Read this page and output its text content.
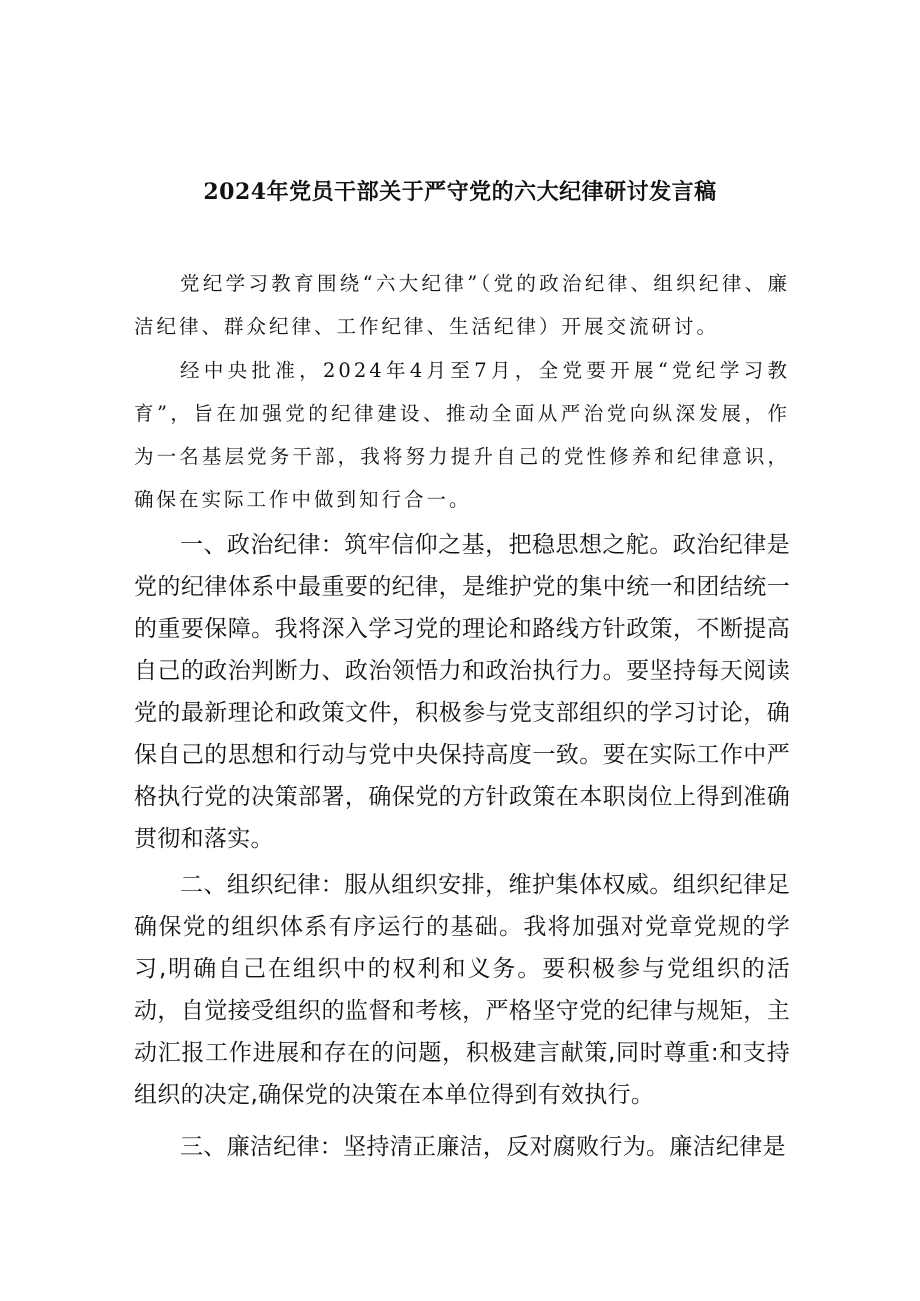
2024年党员干部关于严守党的六大纪律研讨发言稿

党纪学习教育围绕“六大纪律”（党的政治纪律、组织纪律、廉洁纪律、群众纪律、工作纪律、生活纪律）开展交流研讨。

经中央批准，2024年4月至7月，全党要开展“党纪学习教育”，旨在加强党的纪律建设、推动全面从严治党向纵深发展，作为一名基层党务干部，我将努力提升自己的党性修养和纪律意识，确保在实际工作中做到知行合一。

一、政治纪律：筑牢信仰之基，把稳思想之舵。政治纪律是党的纪律体系中最重要的纪律，是维护党的集中统一和团结统一的重要保障。我将深入学习党的理论和路线方针政策，不断提高自己的政治判断力、政治领悟力和政治执行力。要坚持每天阅读党的最新理论和政策文件，积极参与党支部组织的学习讨论，确保自己的思想和行动与党中央保持高度一致。要在实际工作中严格执行党的决策部署，确保党的方针政策在本职岗位上得到准确贯彻和落实。

二、组织纪律：服从组织安排，维护集体权威。组织纪律足确保党的组织体系有序运行的基础。我将加强对党章党规的学习,明确自己在组织中的权利和义务。要积极参与党组织的活动，自觉接受组织的监督和考核，严格坚守党的纪律与规矩，主动汇报工作进展和存在的问题，积极建言献策,同时尊重:和支持组织的决定,确保党的决策在本单位得到有效执行。

三、廉洁纪律：坚持清正廉洁，反对腐败行为。廉洁纪律是
